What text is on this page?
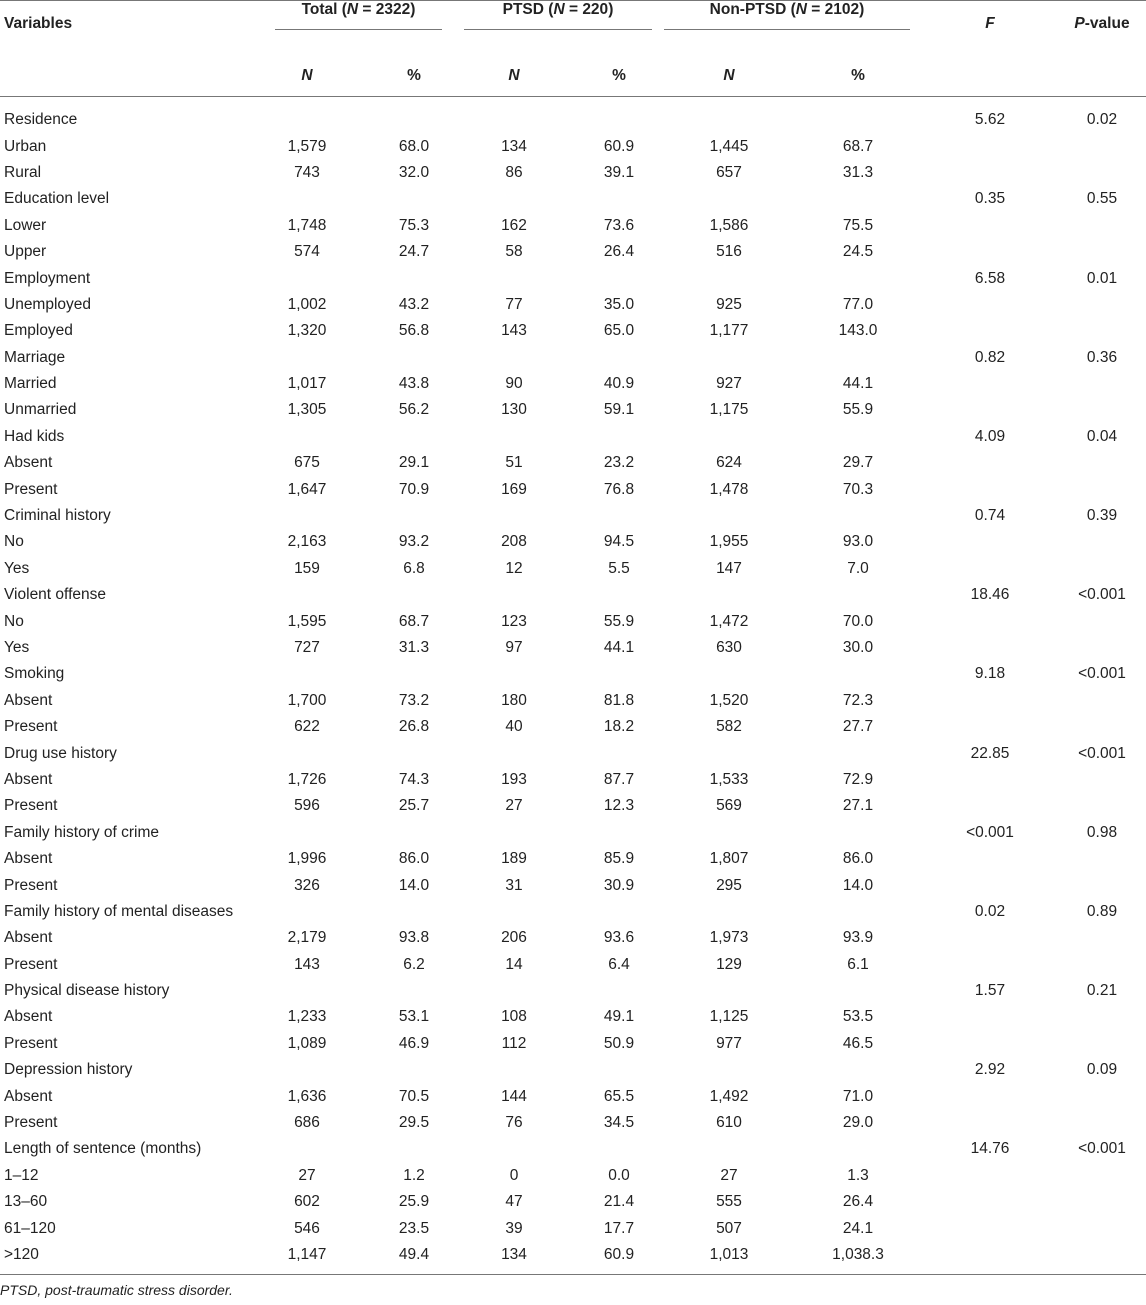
Variables	Total (N = 2322)		PTSD (N = 220)		Non-PTSD (N = 2102)		F	P-value
	N	%	N	%	N	%		

Residence							5.62	0.02
Urban	1,579	68.0	134	60.9	1,445	68.7		
Rural	743	32.0	86	39.1	657	31.3		
Education level							0.35	0.55
Lower	1,748	75.3	162	73.6	1,586	75.5		
Upper	574	24.7	58	26.4	516	24.5		
Employment							6.58	0.01
Unemployed	1,002	43.2	77	35.0	925	77.0		
Employed	1,320	56.8	143	65.0	1,177	143.0		
Marriage							0.82	0.36
Married	1,017	43.8	90	40.9	927	44.1		
Unmarried	1,305	56.2	130	59.1	1,175	55.9		
Had kids							4.09	0.04
Absent	675	29.1	51	23.2	624	29.7		
Present	1,647	70.9	169	76.8	1,478	70.3		
Criminal history							0.74	0.39
No	2,163	93.2	208	94.5	1,955	93.0		
Yes	159	6.8	12	5.5	147	7.0		
Violent offense							18.46	<0.001
No	1,595	68.7	123	55.9	1,472	70.0		
Yes	727	31.3	97	44.1	630	30.0		
Smoking							9.18	<0.001
Absent	1,700	73.2	180	81.8	1,520	72.3		
Present	622	26.8	40	18.2	582	27.7		
Drug use history							22.85	<0.001
Absent	1,726	74.3	193	87.7	1,533	72.9		
Present	596	25.7	27	12.3	569	27.1		
Family history of crime							<0.001	0.98
Absent	1,996	86.0	189	85.9	1,807	86.0		
Present	326	14.0	31	30.9	295	14.0		
Family history of mental diseases							0.02	0.89
Absent	2,179	93.8	206	93.6	1,973	93.9		
Present	143	6.2	14	6.4	129	6.1		
Physical disease history							1.57	0.21
Absent	1,233	53.1	108	49.1	1,125	53.5		
Present	1,089	46.9	112	50.9	977	46.5		
Depression history							2.92	0.09
Absent	1,636	70.5	144	65.5	1,492	71.0		
Present	686	29.5	76	34.5	610	29.0		
Length of sentence (months)							14.76	<0.001
1–12	27	1.2	0	0.0	27	1.3		
13–60	602	25.9	47	21.4	555	26.4		
61–120	546	23.5	39	17.7	507	24.1		
>120	1,147	49.4	134	60.9	1,013	1,038.3		

PTSD, post-traumatic stress disorder.								
